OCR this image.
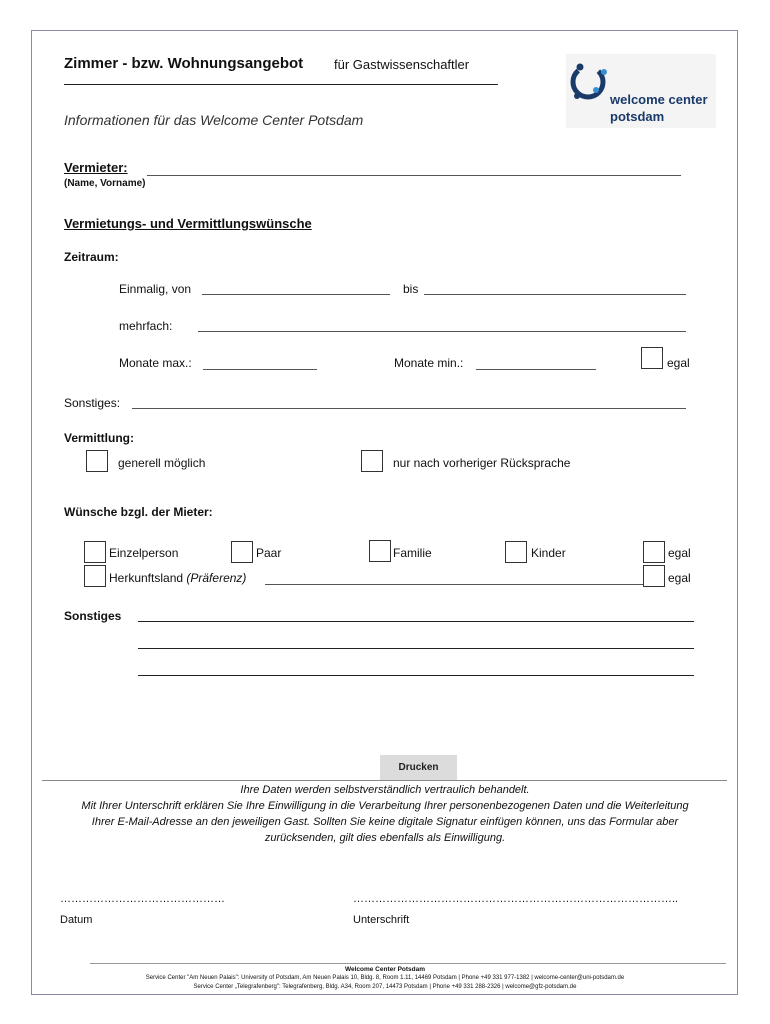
Zimmer - bzw. Wohnungsangebot für Gastwissenschaftler
Informationen für das Welcome Center Potsdam
welcome center
potsdam
Vermieter:
(Name, Vorname)
Vermietungs- und Vermittlungswünsche
Zeitraum:
Einmalig, von	bis
mehrfach:
Monate max.:	Monate min.:	egal
Sonstiges:
Vermittlung:
generell möglich	nur nach vorheriger Rücksprache
Wünsche bzgl. der Mieter:
Einzelperson	Paar	Familie	Kinder	egal
Herkunftsland (Präferenz)	egal
Sonstiges
Drucken
Ihre Daten werden selbstverständlich vertraulich behandelt.
Mit Ihrer Unterschrift erklären Sie Ihre Einwilligung in die Verarbeitung Ihrer personenbezogenen Daten und die Weiterleitung
Ihrer E-Mail-Adresse an den jeweiligen Gast. Sollten Sie keine digitale Signatur einfügen können, uns das Formular aber
zurücksenden, gilt dies ebenfalls als Einwilligung.
………………………………………
Datum
……………………………………………………………………………..
Unterschrift
Welcome Center Potsdam
Service Center "Am Neuen Palais": University of Potsdam, Am Neuen Palais 10, Bldg. 8, Room 1.11, 14469 Potsdam | Phone +49 331 977-1382 | welcome-center@uni-potsdam.de
Service Center „Telegrafenberg": Telegrafenberg, Bldg. A34, Room 207, 14473 Potsdam | Phone +49 331 288-2326 | welcome@gfz-potsdam.de
